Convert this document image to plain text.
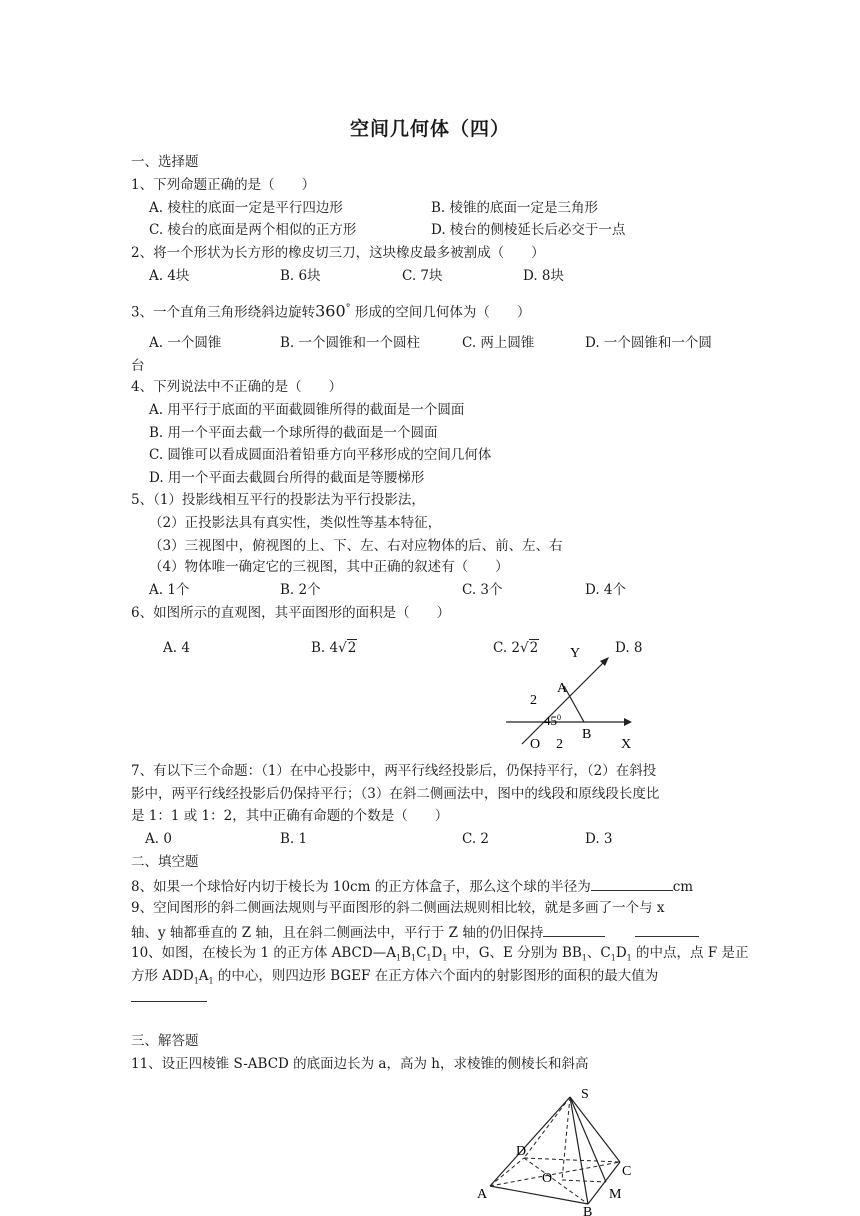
空间几何体（四）
一、选择题
1、下列命题正确的是（　　）
A. 棱柱的底面一定是平行四边形	B. 棱锥的底面一定是三角形
C. 棱台的底面是两个相似的正方形	D. 棱台的侧棱延长后必交于一点
2、将一个形状为长方形的橡皮切三刀，这块橡皮最多被割成（　　）
A. 4块	B. 6块	C. 7块	D. 8块
3、一个直角三角形绕斜边旋转360° 形成的空间几何体为（　　）
A. 一个圆锥	B. 一个圆锥和一个圆柱	C. 两上圆锥	D. 一个圆锥和一个圆
台
4、下列说法中不正确的是（　　）
A. 用平行于底面的平面截圆锥所得的截面是一个圆面
B. 用一个平面去截一个球所得的截面是一个圆面
C. 圆锥可以看成圆面沿着铅垂方向平移形成的空间几何体
D. 用一个平面去截圆台所得的截面是等腰梯形
5、（1）投影线相互平行的投影法为平行投影法，
（2）正投影法具有真实性，类似性等基本特征，
（3）三视图中，俯视图的上、下、左、右对应物体的后、前、左、右
（4）物体唯一确定它的三视图，其中正确的叙述有（　　）
A. 1个	B. 2个	C. 3个	D. 4个
6、如图所示的直观图，其平面图形的面积是（　　）
A. 4	B. 4√2	C. 2√2	D. 8
Y
X
A
B
O
2
2
$45^0$
7、有以下三个命题：（1）在中心投影中，两平行线经投影后，仍保持平行，（2）在斜投
影中，两平行线经投影后仍保持平行；（3）在斜二侧画法中，图中的线段和原线段长度比
是 1：1 或 1：2，其中正确有命题的个数是（　　）
A. 0	B. 1	C. 2	D. 3
二、填空题
8、如果一个球恰好内切于棱长为 10cm 的正方体盒子，那么这个球的半径为	cm
9、空间图形的斜二侧画法规则与平面图形的斜二侧画法规则相比较，就是多画了一个与 x
轴、y 轴都垂直的 Z 轴，且在斜二侧画法中，平行于 Z 轴的仍旧保持
10、如图，在棱长为 1 的正方体 $ABCD—A_1B_1C_1D_1$ 中，G、E 分别为 $BB_1$、$C_1D_1$ 的中点，点 F 是正
方形 $ADD_1A_1$ 的中心，则四边形 BGEF 在正方体六个面内的射影图形的面积的最大值为
三、解答题
11、设正四棱锥 S-ABCD 的底面边长为 a，高为 h，求棱锥的侧棱长和斜高
S
A
B
C
D
O
M
